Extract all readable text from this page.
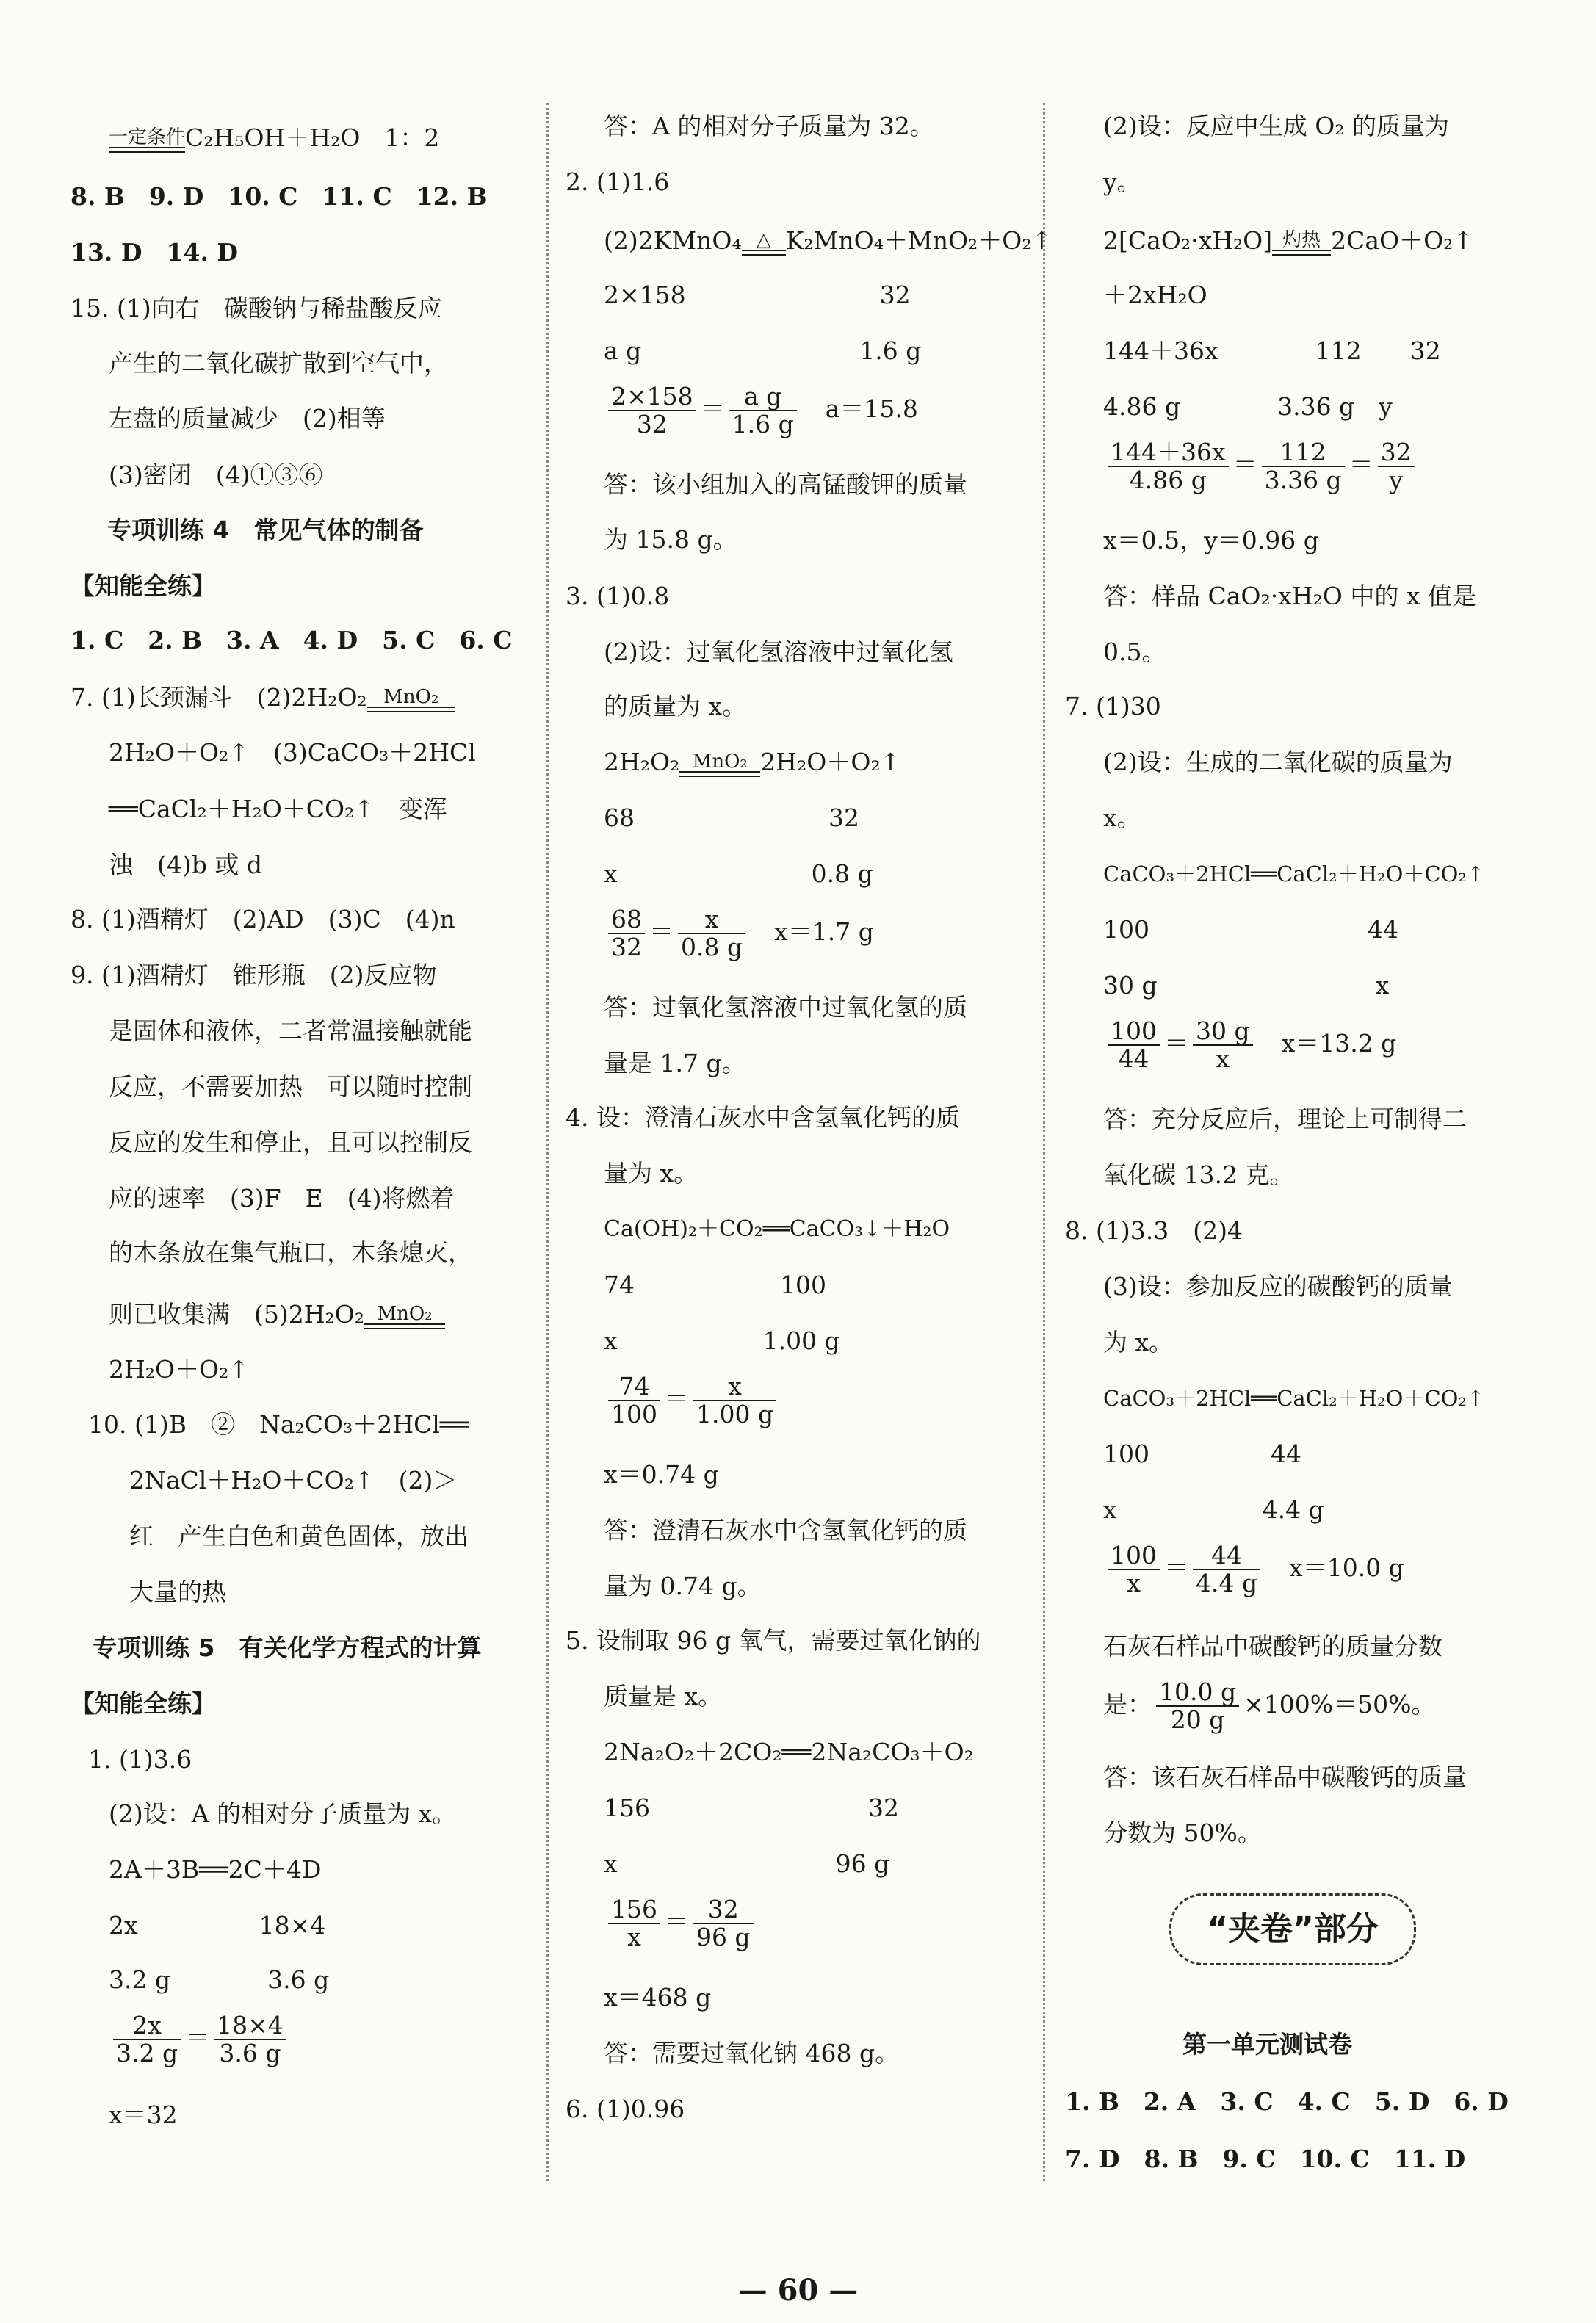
一定条件 C₂H₅OH＋H₂O　1：2
8. B　9. D　10. C　11. C　12. B
13. D　14. D
15. (1)向右　碳酸钠与稀盐酸反应
产生的二氧化碳扩散到空气中，
左盘的质量减少　(2)相等
(3)密闭　(4)①③⑥
专项训练 4　常见气体的制备
【知能全练】
1. C　2. B　3. A　4. D　5. C　6. C
7. (1)长颈漏斗　(2)2H₂O₂ MnO₂
2H₂O＋O₂↑　(3)CaCO₃＋2HCl
══CaCl₂＋H₂O＋CO₂↑　变浑
浊　(4)b 或 d
8. (1)酒精灯　(2)AD　(3)C　(4)n
9. (1)酒精灯　锥形瓶　(2)反应物
是固体和液体，二者常温接触就能
反应，不需要加热　可以随时控制
反应的发生和停止，且可以控制反
应的速率　(3)F　E　(4)将燃着
的木条放在集气瓶口，木条熄灭，
则已收集满　(5)2H₂O₂ MnO₂
2H₂O＋O₂↑
10. (1)B　②　Na₂CO₃＋2HCl══
2NaCl＋H₂O＋CO₂↑　(2)＞
红　产生白色和黄色固体，放出
大量的热
专项训练 5　有关化学方程式的计算
【知能全练】
1. (1)3.6
(2)设：A 的相对分子质量为 x。
2A＋3B══2C＋4D
2x　　　　　18×4
3.2 g　　　　3.6 g
$\frac{2x}{3.2 g} = \frac{18\times 4}{3.6 g}$
x＝32
答：A 的相对分子质量为 32。
2. (1)1.6
(2)2KMnO₄ △ K₂MnO₄＋MnO₂＋O₂↑
2×158　　　　　　　　32
a g　　　　　　　　　1.6 g
$\frac{2\times 158}{32} = \frac{\text{a g}}{1.6 g}$
　 a＝15.8
答：该小组加入的高锰酸钾的质量
为 15.8 g。
3. (1)0.8
(2)设：过氧化氢溶液中过氧化氢
的质量为 x。
2H₂O₂ MnO₂ 2H₂O＋O₂↑
68　　　　　　　　32
x　　　　　　　　0.8 g
$\frac{68}{32} = \frac{x}{0.8 g}$
　 x＝1.7 g
答：过氧化氢溶液中过氧化氢的质
量是 1.7 g。
4. 设：澄清石灰水中含氢氧化钙的质
量为 x。
Ca(OH)₂＋CO₂══CaCO₃↓＋H₂O
74　　　　　　100
x　　　　　　1.00 g
$\frac{74}{100} = \frac{x}{1.00 g}$
x＝0.74 g
答：澄清石灰水中含氢氧化钙的质
量为 0.74 g。
5. 设制取 96 g 氧气，需要过氧化钠的
质量是 x。
2Na₂O₂＋2CO₂══2Na₂CO₃＋O₂
156　　　　　　　　　32
x　　　　　　　　　96 g
$\frac{156}{x} = \frac{32}{96 g}$
x＝468 g
答：需要过氧化钠 468 g。
6. (1)0.96
(2)设：反应中生成 O₂ 的质量为
y。
2[CaO₂·xH₂O] 灼热 2CaO＋O₂↑
＋2xH₂O
144＋36x　　　　112　　32
4.86 g　　　　3.36 g　y
$\frac{144+36x}{4.86 g} = \frac{112}{3.36 g} = \frac{32}{y}$
x＝0.5，y＝0.96 g
答：样品 CaO₂·xH₂O 中的 x 值是
0.5。
7. (1)30
(2)设：生成的二氧化碳的质量为
x。
CaCO₃＋2HCl══CaCl₂＋H₂O＋CO₂↑
100　　　　　　　　　44
30 g　　　　　　　　　x
$\frac{100}{44} = \frac{30 g}{x}$
　 x＝13.2 g
答：充分反应后，理论上可制得二
氧化碳 13.2 克。
8. (1)3.3　(2)4
(3)设：参加反应的碳酸钙的质量
为 x。
CaCO₃＋2HCl══CaCl₂＋H₂O＋CO₂↑
100　　　　　44
x　　　　　　4.4 g
$\frac{100}{x} = \frac{44}{4.4 g}$
　 x＝10.0 g
石灰石样品中碳酸钙的质量分数
是： $\frac{10.0 g}{20 g} \times 100\%=50\%$。
答：该石灰石样品中碳酸钙的质量
分数为 50%。
“夹卷”部分
第一单元测试卷
1. B　2. A　3. C　4. C　5. D　6. D
7. D　8. B　9. C　10. C　11. D
— 60 —
